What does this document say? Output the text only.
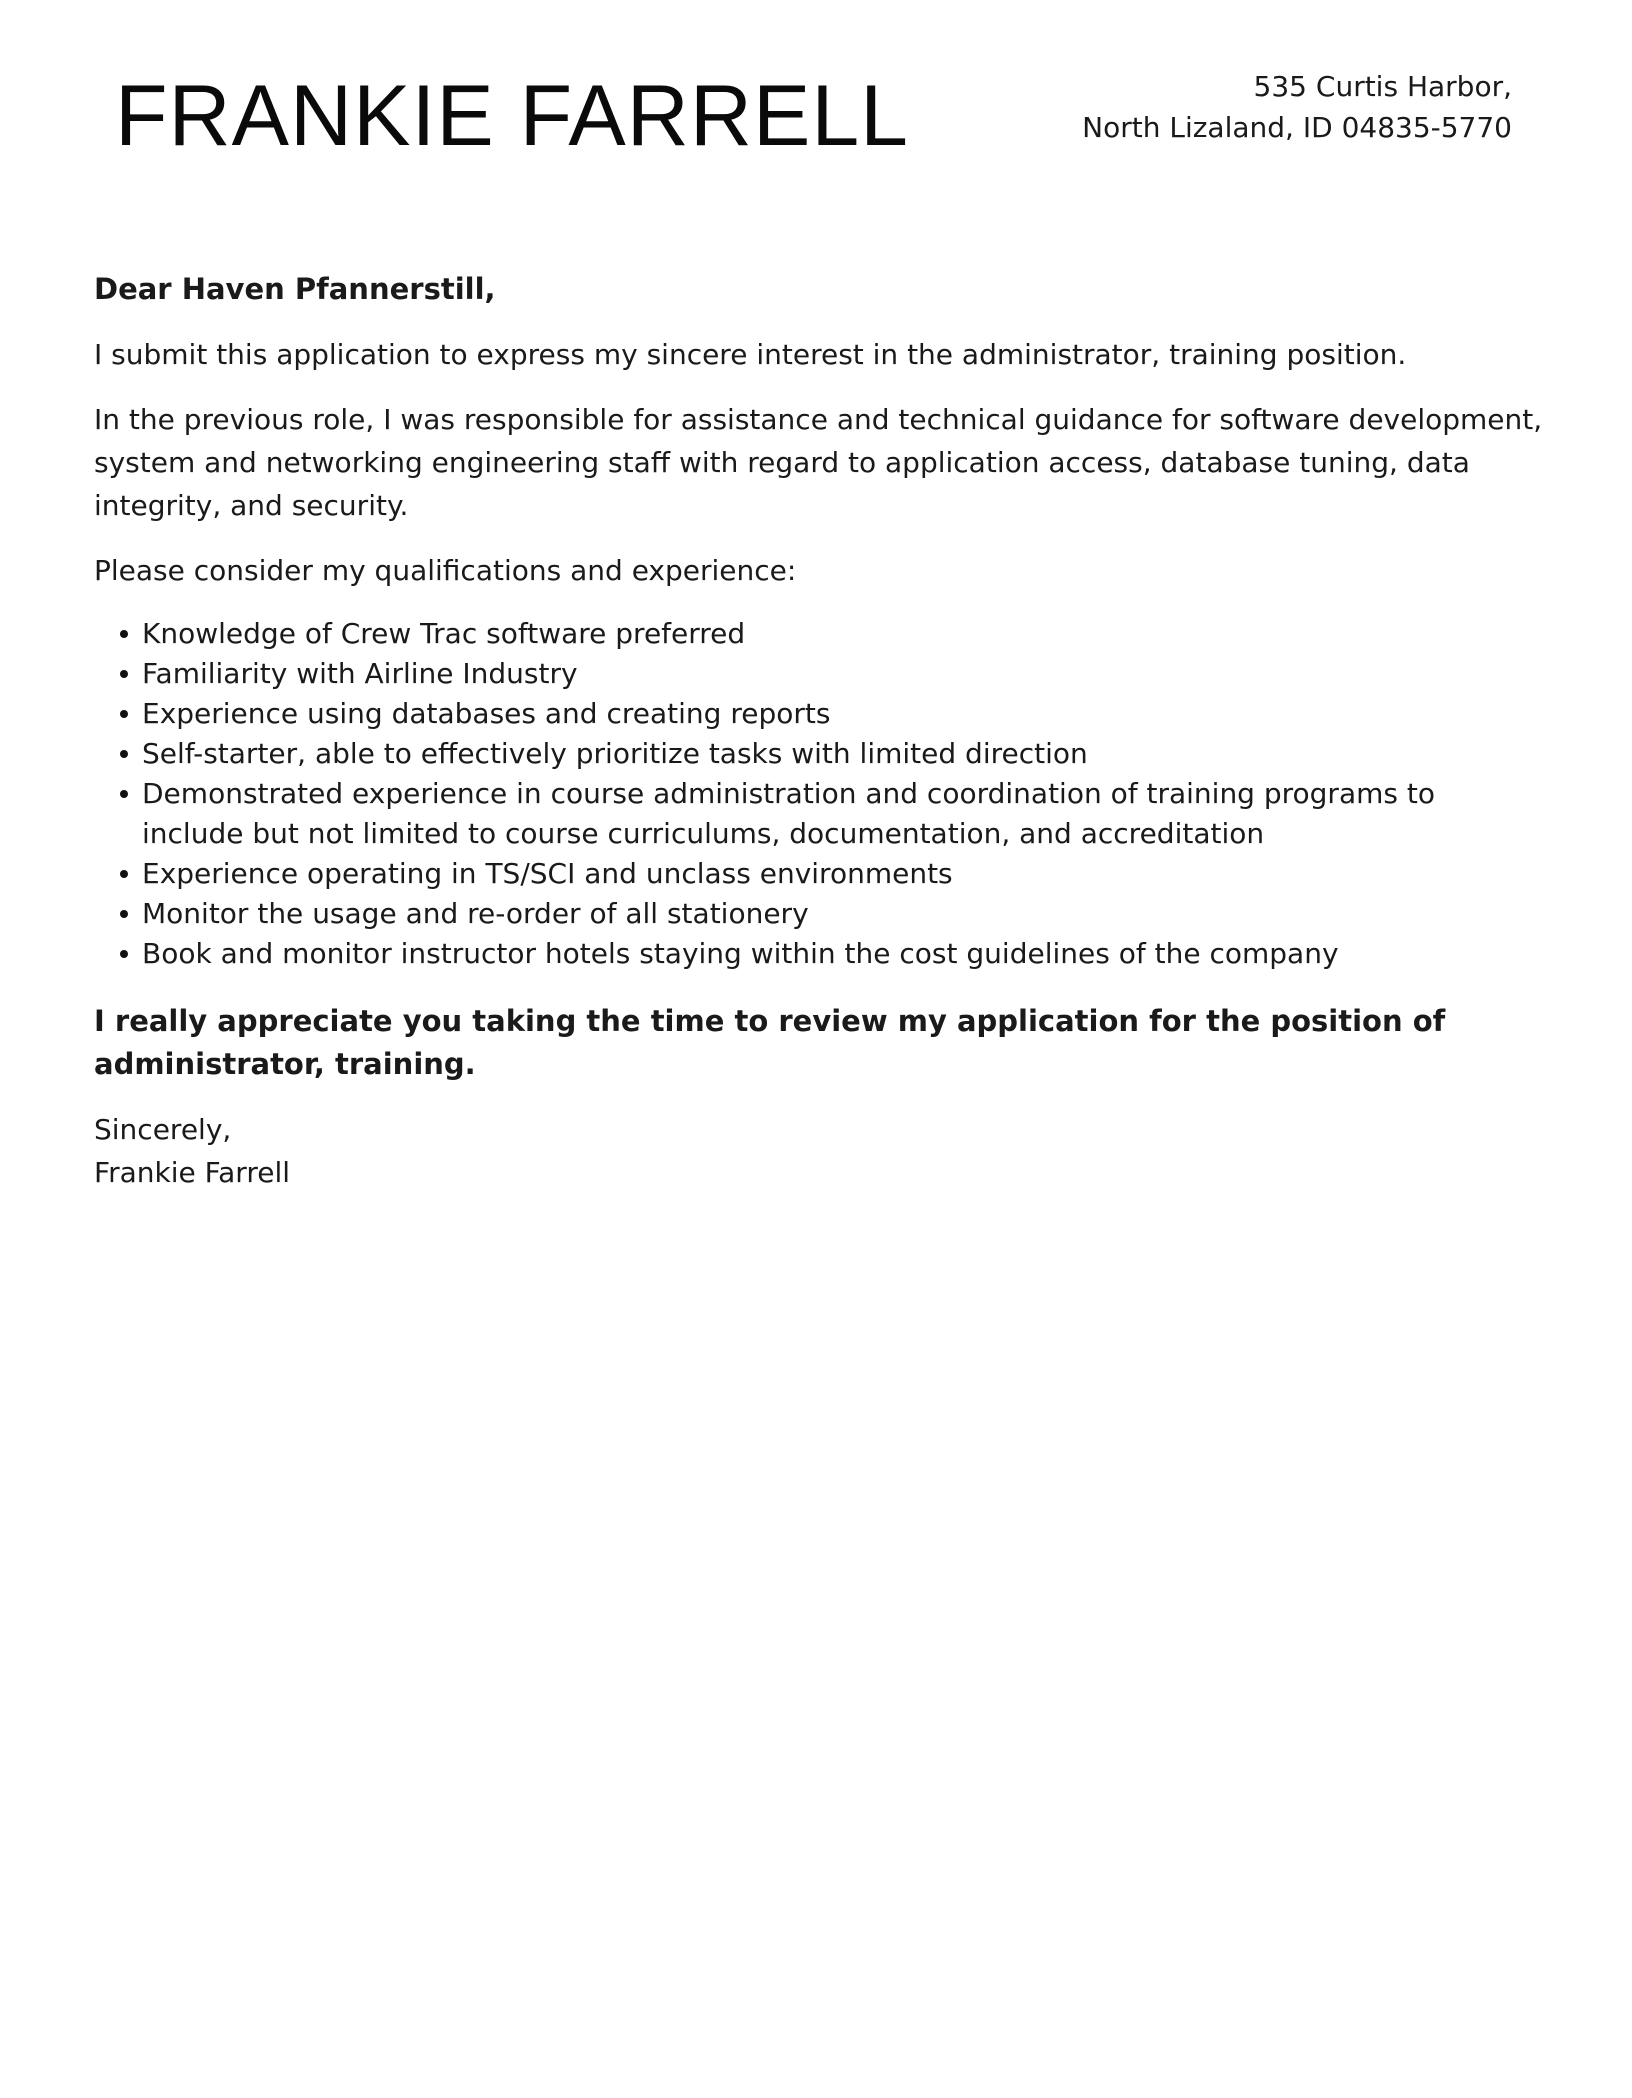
FRANKIE FARRELL	535 Curtis Harbor,
North Lizaland, ID 04835-5770

Dear Haven Pfannerstill,

I submit this application to express my sincere interest in the administrator, training position.

In the previous role, I was responsible for assistance and technical guidance for software development, system and networking engineering staff with regard to application access, database tuning, data integrity, and security.

Please consider my qualifications and experience:

Knowledge of Crew Trac software preferred
Familiarity with Airline Industry
Experience using databases and creating reports
Self-starter, able to effectively prioritize tasks with limited direction
Demonstrated experience in course administration and coordination of training programs to include but not limited to course curriculums, documentation, and accreditation
Experience operating in TS/SCI and unclass environments
Monitor the usage and re-order of all stationery
Book and monitor instructor hotels staying within the cost guidelines of the company

I really appreciate you taking the time to review my application for the position of administrator, training.

Sincerely,
Frankie Farrell
